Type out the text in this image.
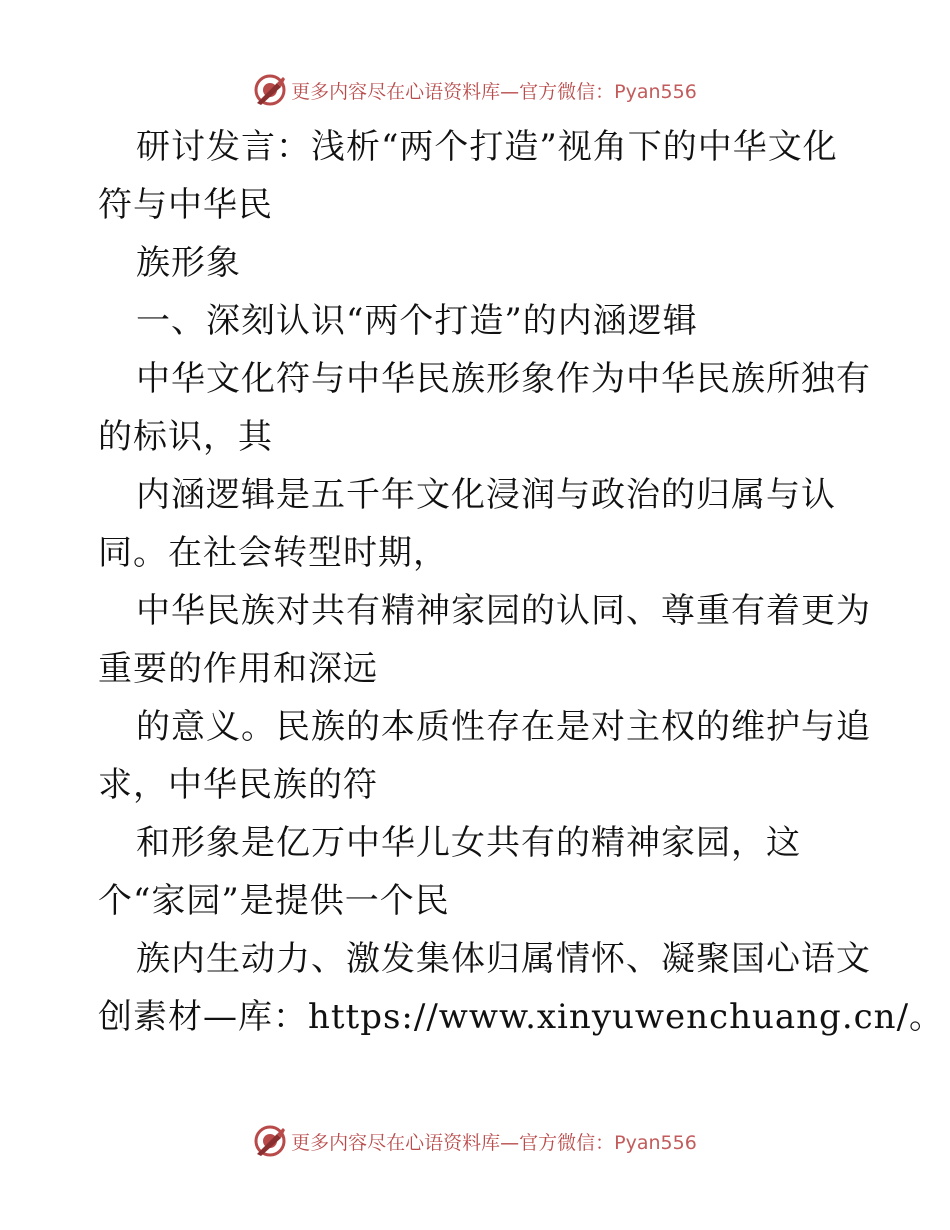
更多内容尽在心语资料库—官方微信：Pyan556
研讨发言：浅析“两个打造”视角下的中华文化
符与中华民
族形象
一、深刻认识“两个打造”的内涵逻辑
中华文化符与中华民族形象作为中华民族所独有
的标识，其
内涵逻辑是五千年文化浸润与政治的归属与认
同。在社会转型时期，
中华民族对共有精神家园的认同、尊重有着更为
重要的作用和深远
的意义。民族的本质性存在是对主权的维护与追
求，中华民族的符
和形象是亿万中华儿女共有的精神家园，这
个“家园”是提供一个民
族内生动力、激发集体归属情怀、凝聚国心语文
创素材—库：https://www.xinyuwenchuang.cn/。
更多内容尽在心语资料库—官方微信：Pyan556
